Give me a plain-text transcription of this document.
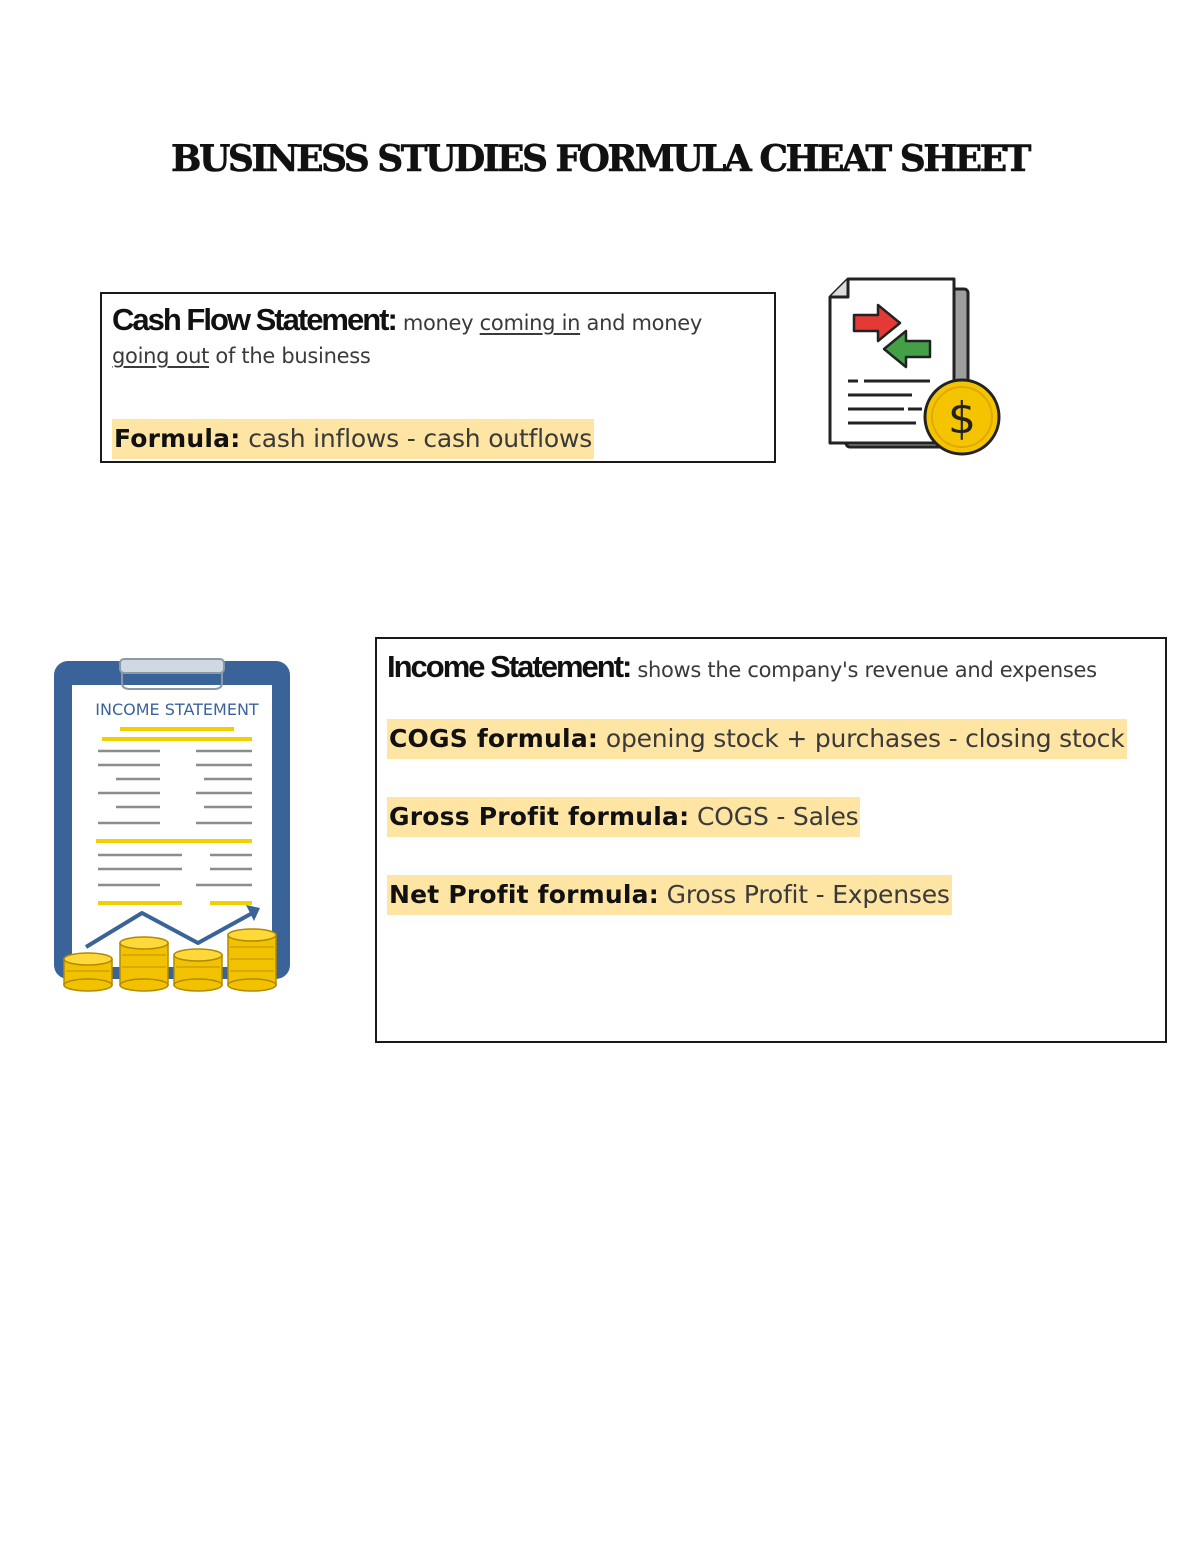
BUSINESS STUDIES FORMULA CHEAT SHEET
Cash Flow Statement: money coming in and money
going out of the business
Formula: cash inflows - cash outflows	$
INCOME STATEMENT
Income Statement: shows the company's revenue and expenses
COGS formula: opening stock + purchases - closing stock
Gross Profit formula: COGS - Sales
Net Profit formula: Gross Profit - Expenses
